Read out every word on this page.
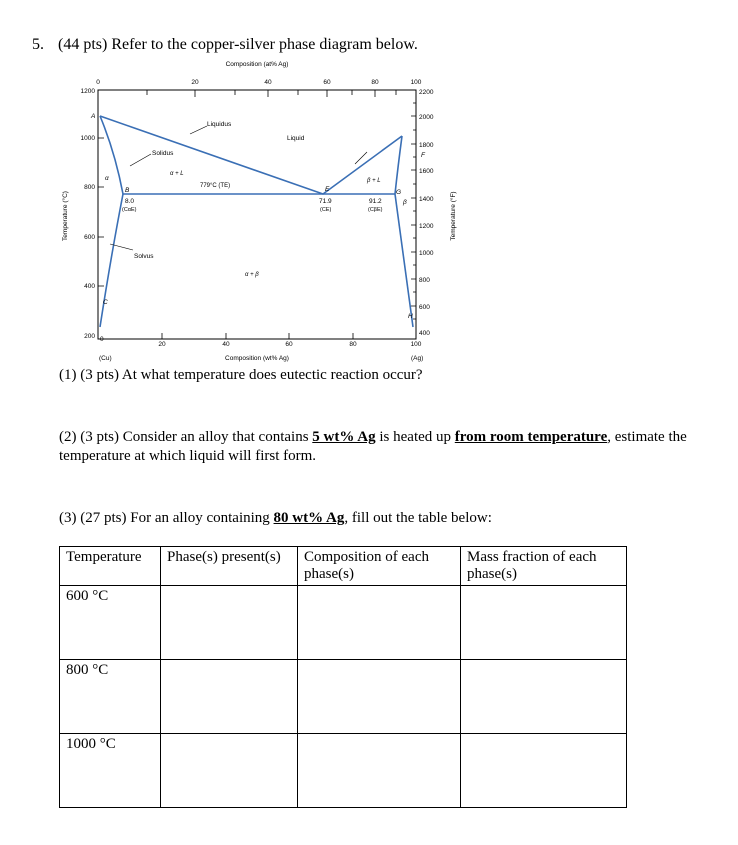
5. (44 pts) Refer to the copper-silver phase diagram below.
Composition (at% Ag)
0	20	40	60	80	100
Temperature (°C)
1200
1000
800
600
400
200
Temperature (°F)
2200
2000
1800
1600
1400
1200
1000
800
600
400
0
20	40	60	80	100
Composition (wt% Ag)
(Cu)	(Ag)
Liquidus
Liquid
Solidus
α + L
β + L
α + β
Solvus
α
β
779°C (TE)
A
B
C
E
F
G
H
8.0
(CαE)
71.9
(CE)
91.2
(CβE)
(1) (3 pts) At what temperature does eutectic reaction occur?
(2) (3 pts) Consider an alloy that contains 5 wt% Ag is heated up from room temperature, estimate the
temperature at which liquid will first form.
(3) (27 pts) For an alloy containing 80 wt% Ag, fill out the table below:
Temperature	Phase(s) present(s)	Composition of each phase(s)	Mass fraction of each phase(s)
600 °C			
800 °C			
1000 °C			
